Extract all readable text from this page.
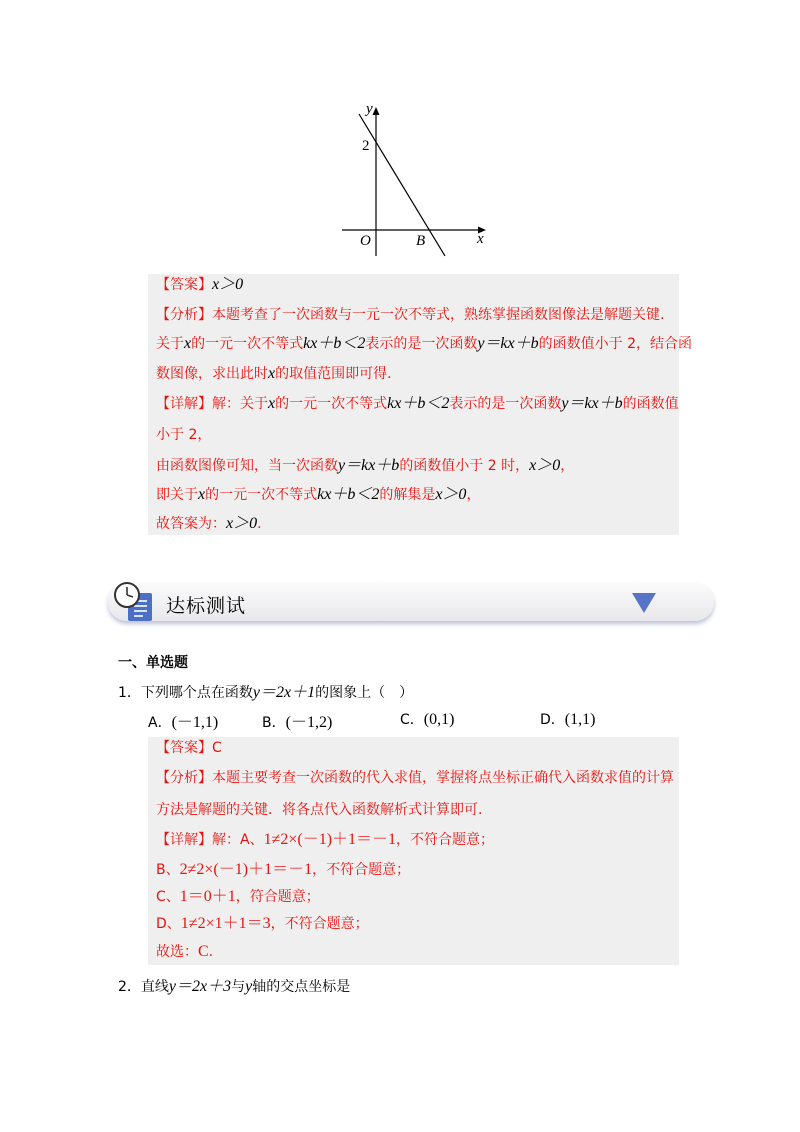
y
x
O
2
B
【答案】x＞0
【分析】本题考查了一次函数与一元一次不等式，熟练掌握函数图像法是解题关键.
关于x的一元一次不等式kx＋b＜2表示的是一次函数y＝kx＋b的函数值小于 2，结合函
数图像，求出此时x的取值范围即可得.
【详解】解：关于x的一元一次不等式kx＋b＜2表示的是一次函数y＝kx＋b的函数值
小于 2，
由函数图像可知，当一次函数y＝kx＋b的函数值小于 2 时，x＞0，
即关于x的一元一次不等式kx＋b＜2的解集是x＞0，
故答案为：x＞0.
达标测试
一、单选题
1．下列哪个点在函数y＝2x＋1的图象上（　）
A．(－1,1)	B．(－1,2)	C．(0,1)	D．(1,1)
【答案】C
【分析】本题主要考查一次函数的代入求值，掌握将点坐标正确代入函数求值的计算
方法是解题的关键．将各点代入函数解析式计算即可.
【详解】解：A、1≠2×(－1)＋1＝－1，不符合题意；
B、2≠2×(－1)＋1＝－1，不符合题意；
C、1＝0＋1，符合题意；
D、1≠2×1＋1＝3，不符合题意；
故选：C.
2．直线y＝2x＋3与y轴的交点坐标是
